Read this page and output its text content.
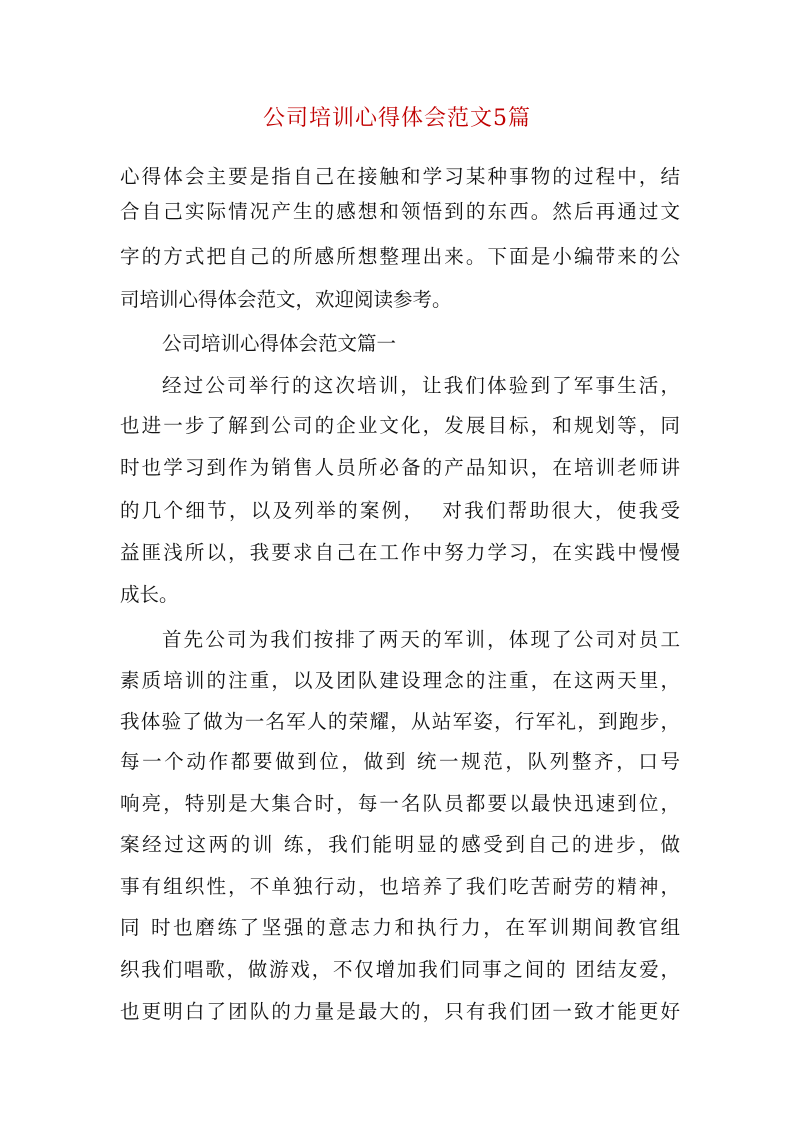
公司培训心得体会范文5篇

心得体会主要是指自己在接触和学习某种事物的过程中，结

合自己实际情况产生的感想和领悟到的东西。然后再通过文

字的方式把自己的所感所想整理出来。下面是小编带来的公

司培训心得体会范文，欢迎阅读参考。

公司培训心得体会范文篇一

经过公司举行的这次培训，让我们体验到了军事生活，

也进一步了解到公司的企业文化，发展目标，和规划等，同

时也学习到作为销售人员所必备的产品知识，在培训老师讲

的几个细节，以及列举的案例，  对我们帮助很大，使我受

益匪浅所以，我要求自己在工作中努力学习，在实践中慢慢

成长。

首先公司为我们按排了两天的军训，体现了公司对员工

素质培训的注重，以及团队建设理念的注重，在这两天里，

我体验了做为一名军人的荣耀，从站军姿，行军礼，到跑步，

每一个动作都要做到位，做到 统一规范，队列整齐，口号

响亮，特别是大集合时，每一名队员都要以最快迅速到位，

案经过这两的训 练，我们能明显的感受到自己的进步，做

事有组织性，不单独行动，也培养了我们吃苦耐劳的精神，

同 时也磨练了坚强的意志力和执行力，在军训期间教官组

织我们唱歌，做游戏，不仅增加我们同事之间的 团结友爱，

也更明白了团队的力量是最大的，只有我们团一致才能更好
